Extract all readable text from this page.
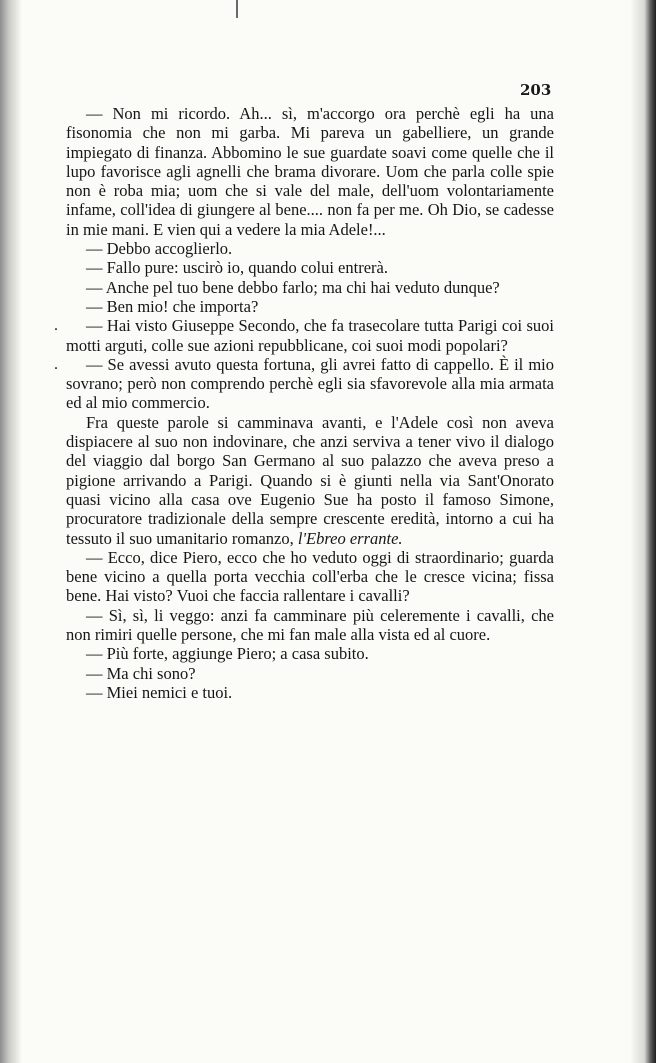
203

— Non mi ricordo. Ah... sì, m'accorgo ora perchè egli ha una fisonomia che non mi garba. Mi pareva un gabelliere, un grande impiegato di finanza. Abbomino le sue guardate soavi come quelle che il lupo favorisce agli agnelli che brama divorare. Uom che parla colle spie non è roba mia; uom che si vale del male, dell'uom volontariamente infame, coll'idea di giungere al bene.... non fa per me. Oh Dio, se cadesse in mie mani. E vien qui a vedere la mia Adele!...

— Debbo accoglierlo.

— Fallo pure: uscirò io, quando colui entrerà.

— Anche pel tuo bene debbo farlo; ma chi hai veduto dunque?

— Ben mio! che importa?

.	— Hai visto Giuseppe Secondo, che fa trasecolare tutta Parigi coi suoi motti arguti, colle sue azioni repubblicane, coi suoi modi popolari?

.	— Se avessi avuto questa fortuna, gli avrei fatto di cappello. È il mio sovrano; però non comprendo perchè egli sia sfavorevole alla mia armata ed al mio commercio.

Fra queste parole si camminava avanti, e l'Adele così non aveva dispiacere al suo non indovinare, che anzi serviva a tener vivo il dialogo del viaggio dal borgo San Germano al suo palazzo che aveva preso a pigione arrivando a Parigi. Quando si è giunti nella via Sant'Onorato quasi vicino alla casa ove Eugenio Sue ha posto il famoso Simone, procuratore tradizionale della sempre crescente eredità, intorno a cui ha tessuto il suo umanitario romanzo, l'Ebreo errante.

— Ecco, dice Piero, ecco che ho veduto oggi di straordinario; guarda bene vicino a quella porta vecchia coll'erba che le cresce vicina; fissa bene. Hai visto? Vuoi che faccia rallentare i cavalli?

— Sì, sì, li veggo: anzi fa camminare più celeremente i cavalli, che non rimiri quelle persone, che mi fan male alla vista ed al cuore.

— Più forte, aggiunge Piero; a casa subito.

— Ma chi sono?

— Miei nemici e tuoi.
